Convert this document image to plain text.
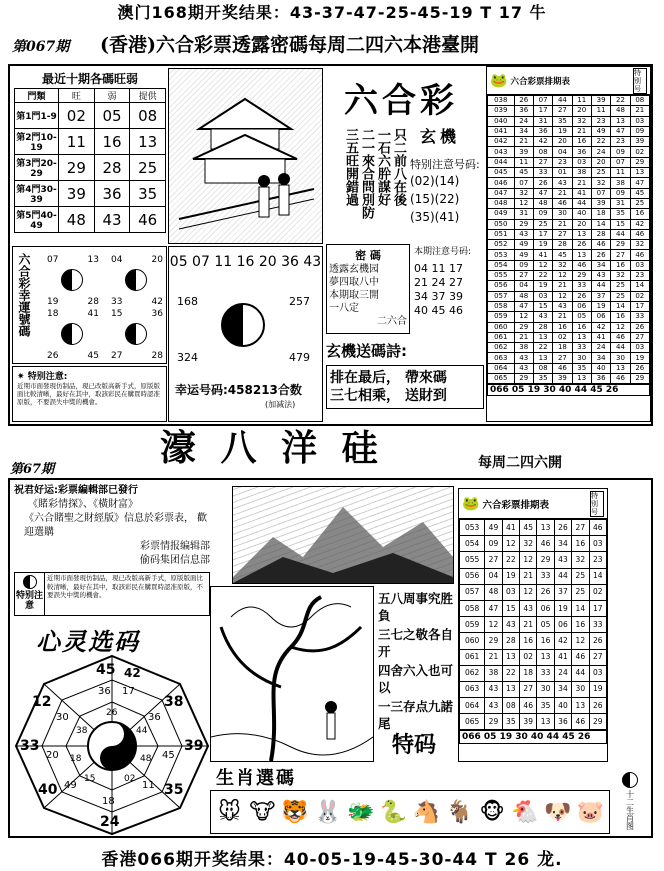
澳门168期开奖结果：43-37-47-25-45-19 T 17 牛
第067期 (香港)六合彩票透露密碼每周二四六本港臺開
最近十期各碼旺弱
門類	旺	弱	提供
第1門1-9	02	05	08
第2門10-19	11	16	13
第3門20-29	29	28	25
第4門30-39	39	36	35
第5門40-49	48	43	46
六合彩幸運號碼 07	13
19	28
04	20
33	42
18	41
26	45
15	36
27	28
✷ 特别注意:
近期市面發現仿制品，現已改版高新手式，原版版面比較清晰，最好在其中，取該彩民在購買時認准原版，不要誤失中獎的機會。
只二前八在後
一石六肸謀好
二一來合問別防
三五旺開錯過
六合彩
玄機
特别注意号码:
(02)(14)
(15)(22)
(35)(41)
05 07 11 16 20 36 43
168	257
324	479
幸运号码:458213合数
(加减法)
密 碼
透露玄機园
夢四取八中
本期取三開
一八定
二六合
本期注意号码:
04 11 17
21 24 27
34 37 39
40 45 46
玄機送碼詩:
排在最后， 帶來碼
三七相乘， 送財到
🐸 六合彩票排期表
特别号
038	26	07	44	11	39	22	08
039	36	17	27	20	11	48	21
040	24	31	35	32	23	13	03
041	34	36	19	21	49	47	09
042	21	42	20	16	22	23	39
043	39	08	04	36	24	09	02
044	11	27	23	03	20	07	29
045	45	33	01	38	25	11	13
046	07	26	43	21	32	38	47
047	32	47	21	41	07	09	45
048	12	48	46	44	39	31	25
049	31	09	30	40	18	35	16
050	29	25	21	20	14	15	42
051	43	17	27	13	28	44	46
052	49	19	28	26	46	29	32
053	49	41	45	13	26	27	46
054	09	12	32	46	34	16	03
055	27	22	12	29	43	32	23
056	04	19	21	33	44	25	14
057	48	03	12	26	37	25	02
058	47	15	43	06	19	14	17
059	12	43	21	05	06	16	33
060	29	28	16	16	42	12	26
061	21	13	02	13	41	46	27
062	38	22	18	33	24	44	03
063	43	13	27	30	34	30	19
064	43	08	46	35	40	13	26
065	29	35	39	13	36	46	29
066 05 19 30 40 44 45 26
濠 八 洋 硅	每周二四六開
第67期
祝君好运:彩票編輯部已發行
《賭彩情探》、《橫財富》
《六合賭聖之財經版》信息於彩票表， 歡迎選購
彩票情报编辑部
偷码集团信息部
特别注意
近期市面發現仿制品，現已改版高新手式，原版版面比較清晰，最好在其中，取該彩民在購買時認准原版，不要誤失中獎的機會。
心灵选码
45
12
33
40
24
35
39
38
42
36
30
20
49
18
11
45
36
17
38
18
15	02
48
44
26
五八周事究胜負
三七之敬各自开
四舍六入也可以
一三存点九諾尾
特码
🐸 六合彩票排期表
特别号
053	49	41	45	13	26	27	46
054	09	12	32	46	34	16	03
055	27	22	12	29	43	32	23
056	04	19	21	33	44	25	14
057	48	03	12	26	37	25	02
058	47	15	43	06	19	14	17
059	12	43	21	05	06	16	33
060	29	28	16	16	42	12	26
061	21	13	02	13	41	46	27
062	38	22	18	33	24	44	03
063	43	13	27	30	34	30	19
064	43	08	46	35	40	13	26
065	29	35	39	13	36	46	29
066 05 19 30 40 44 45 26
生肖選碼
🐭 🐮 🐯 🐰 🐲 🐍 🐴 🐐 🐵 🐔 🐶 🐷	十二生肖图
香港066期开奖结果：40-05-19-45-30-44 T 26 龙.
